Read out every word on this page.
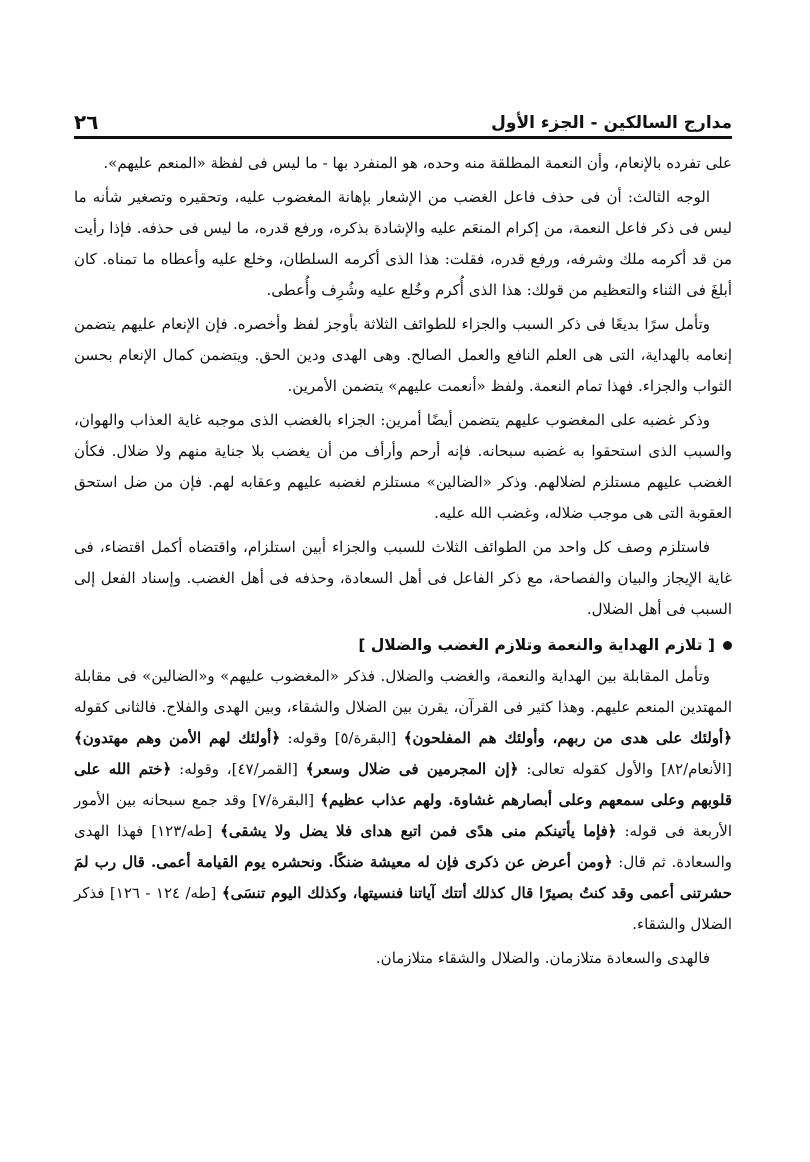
مدارج السالكين - الجزء الأول
٢٦

على تفرده بالإنعام، وأن النعمة المطلقة منه وحده، هو المنفرد بها - ما ليس فى لفظة «المنعم عليهم».

الوجه الثالث: أن فى حذف فاعل الغضب من الإشعار بإهانة المغضوب عليه، وتحقيره وتصغير شأنه ما ليس فى ذكر فاعل النعمة، من إكرام المنعَم عليه والإشادة بذكره، ورفع قدره، ما ليس فى حذفه. فإذا رأيت من قد أكرمه ملك وشرفه، ورفع قدره، فقلت: هذا الذى أكرمه السلطان، وخلع عليه وأعطاه ما تمناه. كان أبلغَ فى الثناء والتعظيم من قولك: هذا الذى أُكرم وخُلع عليه وشُرِف وأُعطى.

وتأمل سرًا بديعًا فى ذكر السبب والجزاء للطوائف الثلاثة بأوجز لفظ وأخصره. فإن الإنعام عليهم يتضمن إنعامه بالهداية، التى هى العلم النافع والعمل الصالح. وهى الهدى ودين الحق. ويتضمن كمال الإنعام بحسن الثواب والجزاء. فهذا تمام النعمة. ولفظ «أنعمت عليهم» يتضمن الأمرين.

وذكر غضبه على المغضوب عليهم يتضمن أيضًا أمرين: الجزاء بالغضب الذى موجبه غاية العذاب والهوان، والسبب الذى استحقوا به غضبه سبحانه. فإنه أرحم وأرأف من أن يغضب بلا جناية منهم ولا ضلال. فكأن الغضب عليهم مستلزم لضلالهم. وذكر «الضالين» مستلزم لغضبه عليهم وعقابه لهم. فإن من ضل استحق العقوبة التى هى موجب ضلاله، وغضب الله عليه.

فاستلزم وصف كل واحد من الطوائف الثلاث للسبب والجزاء أبين استلزام، واقتضاه أكمل اقتضاء، فى غاية الإيجاز والبيان والفصاحة، مع ذكر الفاعل فى أهل السعادة، وحذفه فى أهل الغضب. وإسناد الفعل إلى السبب فى أهل الضلال.

[ تلازم الهداية والنعمة وتلازم الغضب والضلال ]

وتأمل المقابلة بين الهداية والنعمة، والغضب والضلال. فذكر «المغضوب عليهم» و«الضالين» فى مقابلة المهتدين المنعم عليهم. وهذا كثير فى القرآن، يقرن بين الضلال والشقاء، وبين الهدى والفلاح. فالثانى كقوله ﴿أولئك على هدى من ربهم، وأولئك هم المفلحون﴾ [البقرة/٥] وقوله: ﴿أولئك لهم الأمن وهم مهتدون﴾ [الأنعام/٨٢] والأول كقوله تعالى: ﴿إن المجرمين فى ضلال وسعر﴾ [القمر/٤٧]، وقوله: ﴿ختم الله على قلوبهم وعلى سمعهم وعلى أبصارهم غشاوة. ولهم عذاب عظيم﴾ [البقرة/٧] وقد جمع سبحانه بين الأمور الأربعة فى قوله: ﴿فإما يأتينكم منى هدًى فمن اتبع هداى فلا يضل ولا يشقى﴾ [طه/١٢٣] فهذا الهدى والسعادة. ثم قال: ﴿ومن أعرض عن ذكرى فإن له معيشة ضنكًا. ونحشره يوم القيامة أعمى. قال رب لمَ حشرتنى أعمى وقد كنتُ بصيرًا قال كذلك أتتك آياتنا فنسيتها، وكذلك اليوم تنسَى﴾ [طه/ ١٢٤ - ١٢٦] فذكر الضلال والشقاء.

فالهدى والسعادة متلازمان. والضلال والشقاء متلازمان.
